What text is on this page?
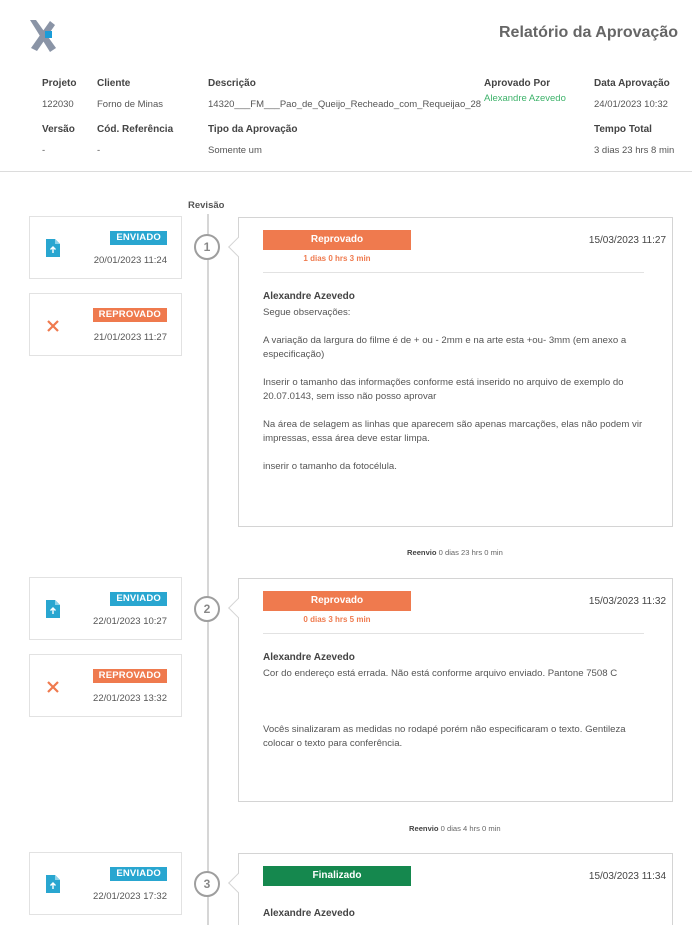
Relatório da Aprovação
Projeto
122030
Cliente
Forno de Minas
Descrição
14320___FM___Pao_de_Queijo_Recheado_com_Requeijao_28
Aprovado Por
Alexandre Azevedo
Data Aprovação
24/01/2023 10:32
Versão
-
Cód. Referência
-
Tipo da Aprovação
Somente um
Tempo Total
3 dias 23 hrs 8 min
Revisão
ENVIADO
20/01/2023 11:24
REPROVADO
21/01/2023 11:27
ENVIADO
22/01/2023 10:27
REPROVADO
22/01/2023 13:32
ENVIADO
22/01/2023 17:32
1
2
3
Reprovado
1 dias 0 hrs 3 min
15/03/2023 11:27
Alexandre Azevedo

Segue observações:

A variação da largura do filme é de + ou - 2mm e na arte esta +ou- 3mm (em anexo a especificação)

Inserir o tamanho das informações conforme está inserido no arquivo de exemplo do 20.07.0143, sem isso não posso aprovar

Na área de selagem as linhas que aparecem são apenas marcações, elas não podem vir impressas, essa área deve estar limpa.

inserir o tamanho da fotocélula.

Reenvio 0 dias 23 hrs 0 min
Reprovado
0 dias 3 hrs 5 min
15/03/2023 11:32
Alexandre Azevedo

Cor do endereço está errada. Não está conforme arquivo enviado. Pantone 7508 C

Vocês sinalizaram as medidas no rodapé porém não especificaram o texto. Gentileza colocar o texto para conferência.

Reenvio 0 dias 4 hrs 0 min
Finalizado	15/03/2023 11:34
Alexandre Azevedo
